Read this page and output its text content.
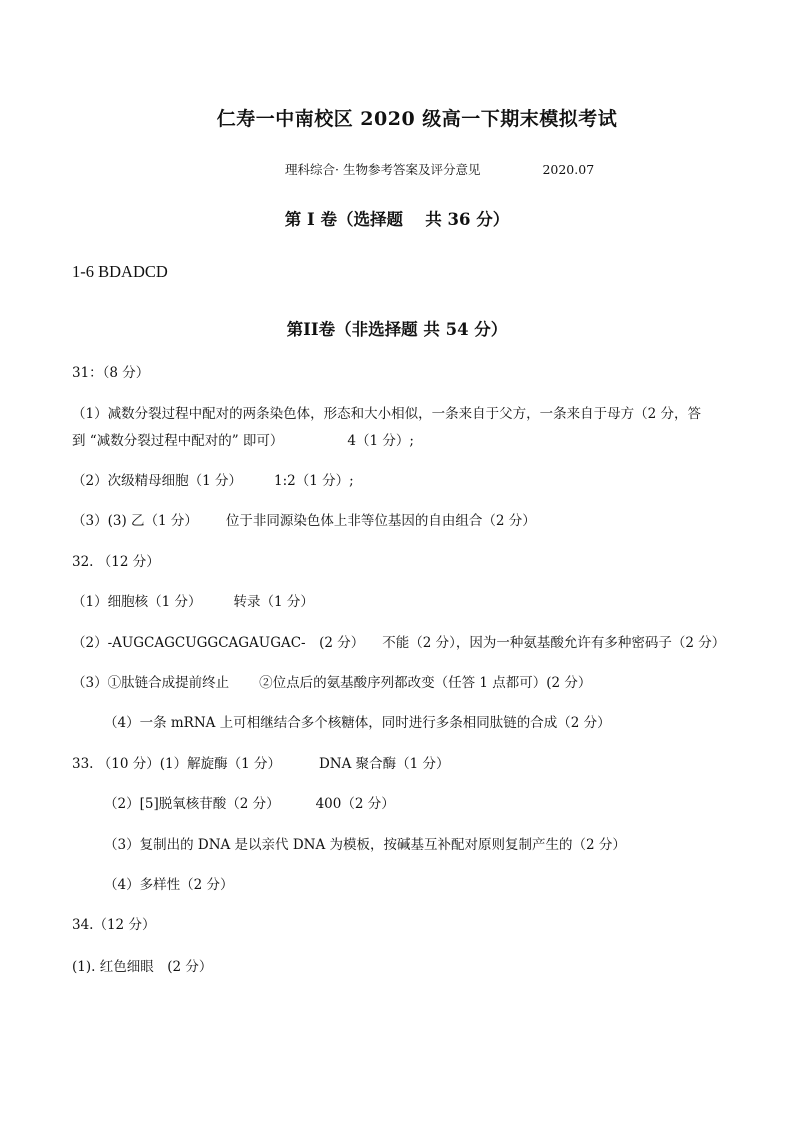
仁寿一中南校区 2020 级高一下期末模拟考试
理科综合· 生物参考答案及评分意见	2020.07
第 I 卷（选择题　 共 36 分）
1-6 BDADCD
第II卷（非选择题 共 54 分）
31：（8 分）
（1）减数分裂过程中配对的两条染色体，形态和大小相似，一条来自于父方，一条来自于母方（2 分，答
到 “减数分裂过程中配对的” 即可）	4（1 分）;
（2）次级精母细胞（1 分） 1:2（1 分）;
（3）(3) 乙（1 分） 位于非同源染色体上非等位基因的自由组合（2 分）
32. （12 分）
（1）细胞核（1 分） 转录（1 分）
（2）-AUGCAGCUGGCAGAUGAC-　(2 分） 不能（2 分），因为一种氨基酸允许有多种密码子（2 分）
（3）①肽链合成提前终止 ②位点后的氨基酸序列都改变（任答 1 点都可）(2 分）
（4）一条 mRNA 上可相继结合多个核糖体，同时进行多条相同肽链的合成（2 分）
33. （10 分）(1）解旋酶（1 分）	DNA 聚合酶（1 分）
（2）[5]脱氧核苷酸（2 分）	400（2 分）
（3）复制出的 DNA 是以亲代 DNA 为模板，按碱基互补配对原则复制产生的（2 分）
（4）多样性（2 分）
34.（12 分）
(1). 红色细眼　(2 分）
